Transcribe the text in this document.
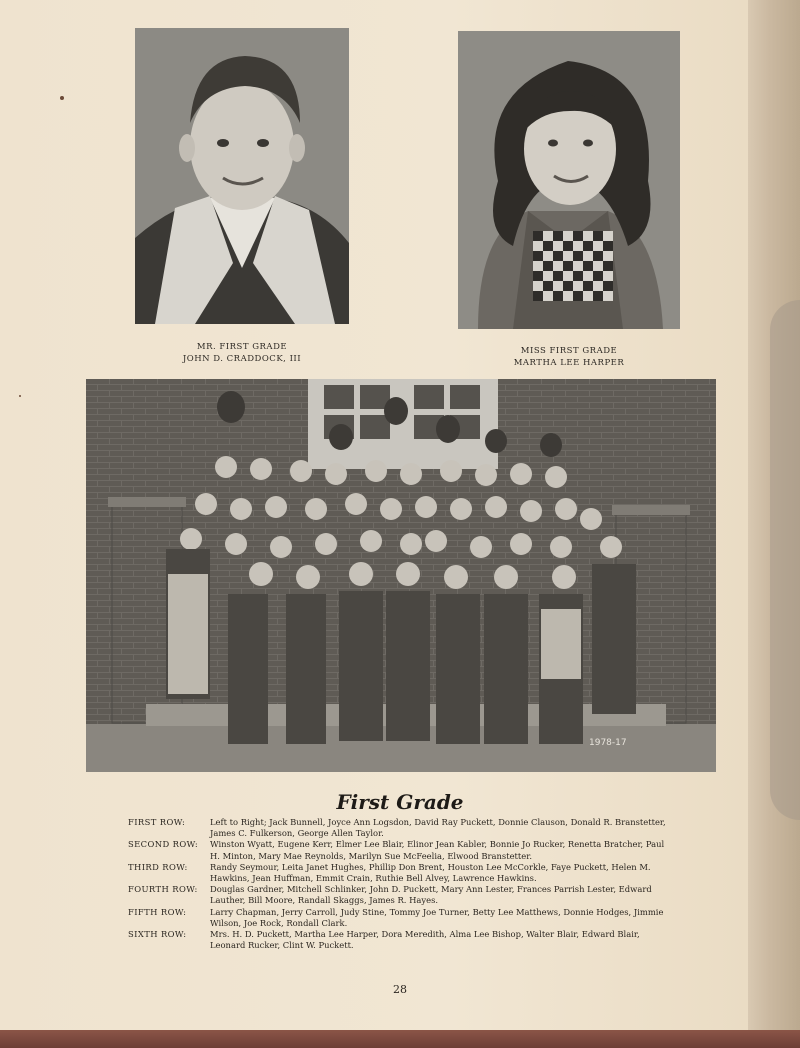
MR. FIRST GRADE
JOHN D. CRADDOCK, III
MISS FIRST GRADE
MARTHA LEE HARPER
1978-17
First Grade
FIRST ROW:	Left to Right; Jack Bunnell, Joyce Ann Logsdon, David Ray Puckett, Donnie Clauson, Donald R. Branstetter, James C. Fulkerson, George Allen Taylor.
SECOND ROW:	Winston Wyatt, Eugene Kerr, Elmer Lee Blair, Elinor Jean Kabler, Bonnie Jo Rucker, Renetta Bratcher, Paul H. Minton, Mary Mae Reynolds, Marilyn Sue McFeelia, Elwood Branstetter.
THIRD ROW:	Randy Seymour, Leita Janet Hughes, Phillip Don Brent, Houston Lee McCorkle, Faye Puckett, Helen M. Hawkins, Jean Huffman, Emmit Crain, Ruthie Bell Alvey, Lawrence Hawkins.
FOURTH ROW:	Douglas Gardner, Mitchell Schlinker, John D. Puckett, Mary Ann Lester, Frances Parrish Lester, Edward Lauther, Bill Moore, Randall Skaggs, James R. Hayes.
FIFTH ROW:	Larry Chapman, Jerry Carroll, Judy Stine, Tommy Joe Turner, Betty Lee Matthews, Donnie Hodges, Jimmie Wilson, Joe Rock, Rondall Clark.
SIXTH ROW:	Mrs. H. D. Puckett, Martha Lee Harper, Dora Meredith, Alma Lee Bishop, Walter Blair, Edward Blair, Leonard Rucker, Clint W. Puckett.
28
